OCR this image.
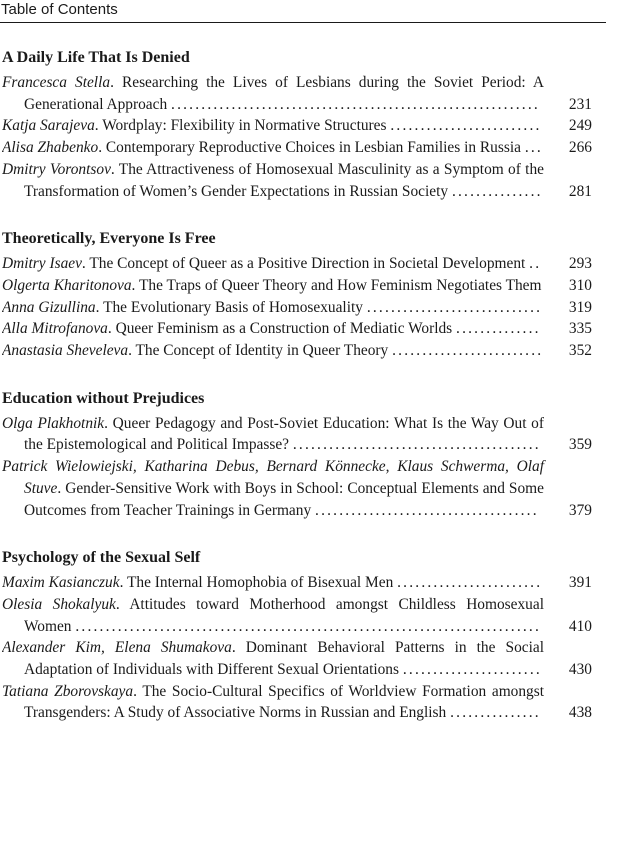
Table of Contents
A Daily Life That Is Denied
Francesca Stella. Researching the Lives of Lesbians during the Soviet Period: A Generational Approach .............................................................	231
Katja Sarajeva. Wordplay: Flexibility in Normative Structures .........................	249
Alisa Zhabenko. Contemporary Reproductive Choices in Lesbian Families in Russia ...	266
Dmitry Vorontsov. The Attractiveness of Homosexual Masculinity as a Symptom of the Transformation of Women’s Gender Expectations in Russian Society ...............	281
Theoretically, Everyone Is Free
Dmitry Isaev. The Concept of Queer as a Positive Direction in Societal Development ..	293
Olgerta Kharitonova. The Traps of Queer Theory and How Feminism Negotiates Them	310
Anna Gizullina. The Evolutionary Basis of Homosexuality .............................	319
Alla Mitrofanova. Queer Feminism as a Construction of Mediatic Worlds ..............	335
Anastasia Sheveleva. The Concept of Identity in Queer Theory .........................	352
Education without Prejudices
Olga Plakhotnik. Queer Pedagogy and Post-Soviet Education: What Is the Way Out of the Epistemological and Political Impasse? .........................................	359
Patrick Wielowiejski, Katharina Debus, Bernard Könnecke, Klaus Schwerma, Olaf Stuve. Gender-Sensitive Work with Boys in School: Conceptual Elements and Some Outcomes from Teacher Trainings in Germany .....................................	379
Psychology of the Sexual Self
Maxim Kasianczuk. The Internal Homophobia of Bisexual Men ........................	391
Olesia Shokalyuk. Attitudes toward Motherhood amongst Childless Homosexual Women .............................................................................	410
Alexander Kim, Elena Shumakova. Dominant Behavioral Patterns in the Social Adaptation of Individuals with Different Sexual Orientations .......................	430
Tatiana Zborovskaya. The Socio-Cultural Specifics of Worldview Formation amongst Transgenders: A Study of Associative Norms in Russian and English ...............	438
